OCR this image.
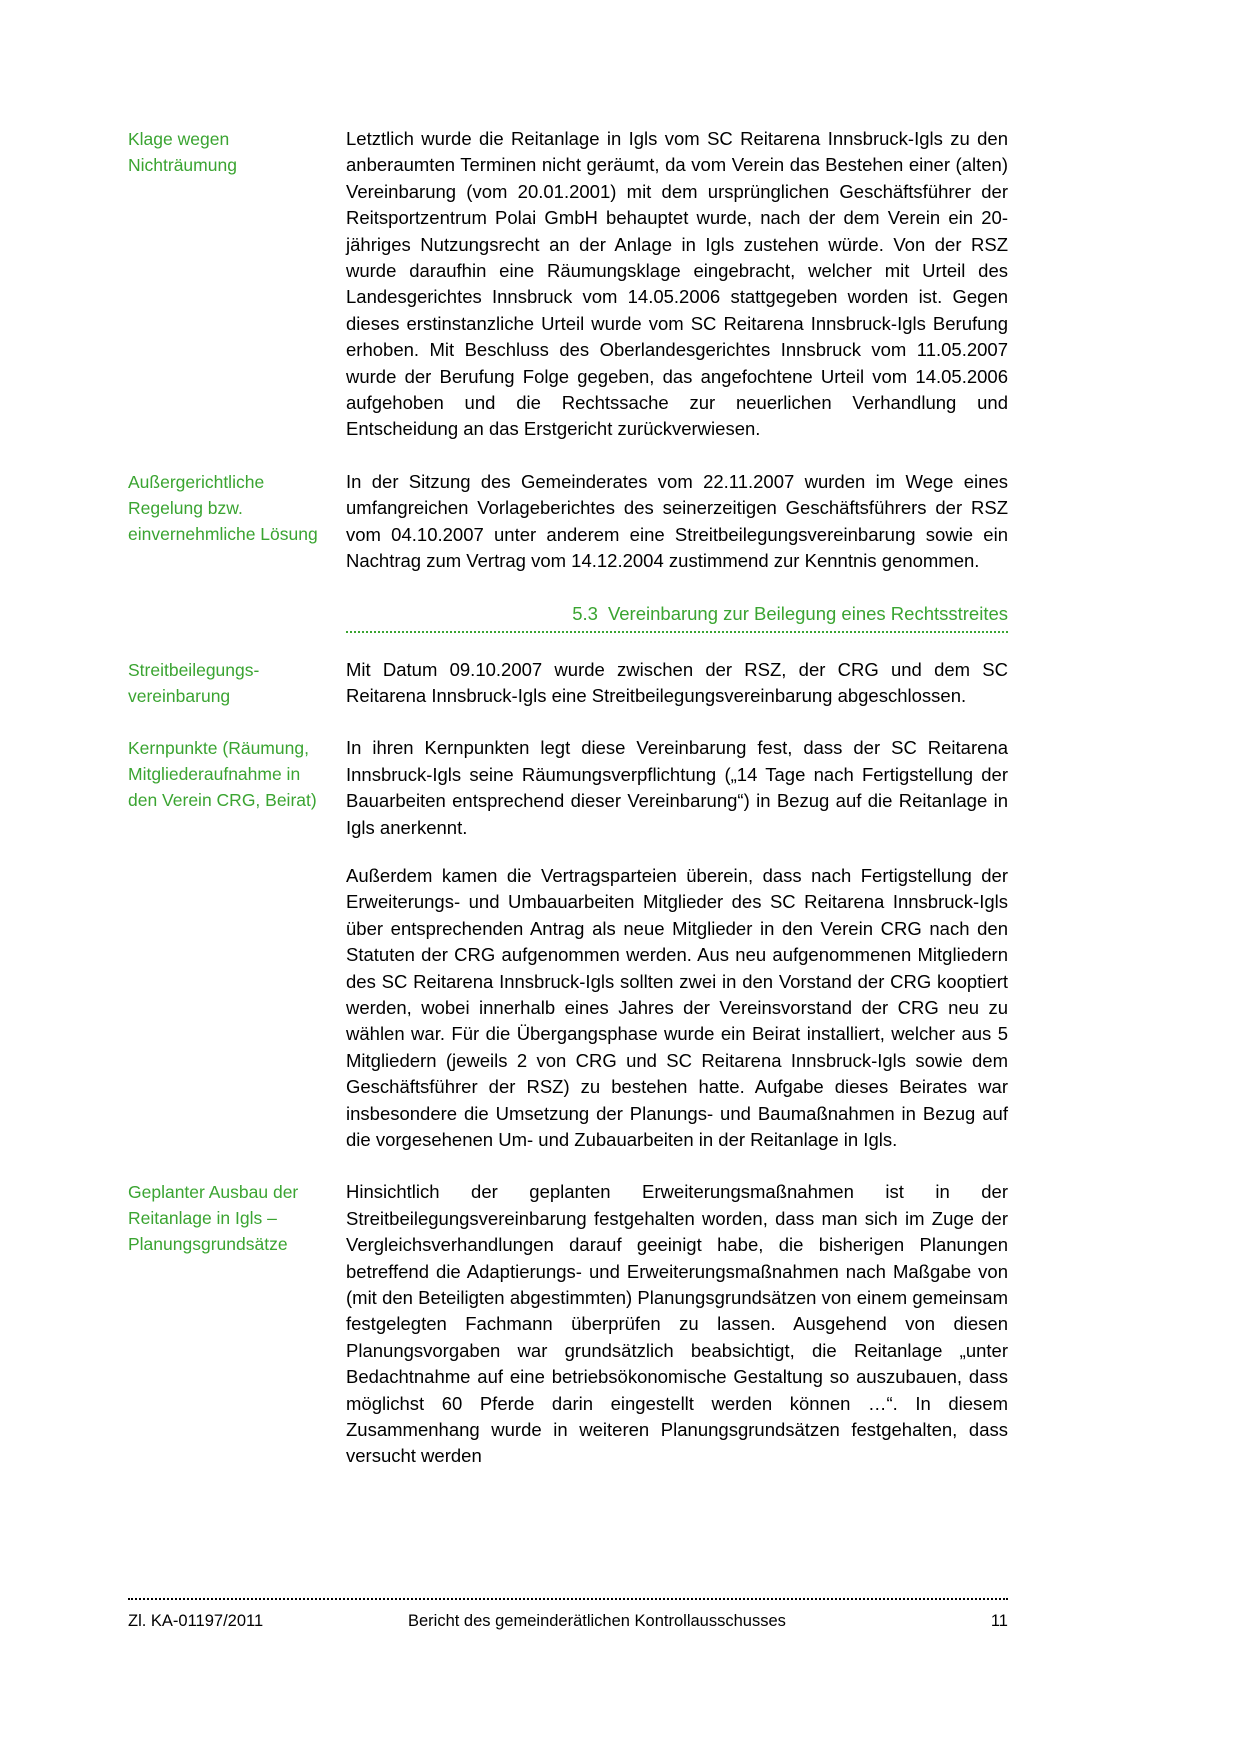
Klage wegen Nichträumung

Letztlich wurde die Reitanlage in Igls vom SC Reitarena Innsbruck-Igls zu den anberaumten Terminen nicht geräumt, da vom Verein das Bestehen einer (alten) Vereinbarung (vom 20.01.2001) mit dem ursprünglichen Geschäftsführer der Reitsportzentrum Polai GmbH behauptet wurde, nach der dem Verein ein 20-jähriges Nutzungsrecht an der Anlage in Igls zustehen würde. Von der RSZ wurde daraufhin eine Räumungsklage eingebracht, welcher mit Urteil des Landesgerichtes Innsbruck vom 14.05.2006 stattgegeben worden ist. Gegen dieses erstinstanzliche Urteil wurde vom SC Reitarena Innsbruck-Igls Berufung erhoben. Mit Beschluss des Oberlandesgerichtes Innsbruck vom 11.05.2007 wurde der Berufung Folge gegeben, das angefochtene Urteil vom 14.05.2006 aufgehoben und die Rechtssache zur neuerlichen Verhandlung und Entscheidung an das Erstgericht zurückverwiesen.

Außergerichtliche Regelung bzw. einvernehmliche Lösung

In der Sitzung des Gemeinderates vom 22.11.2007 wurden im Wege eines umfangreichen Vorlageberichtes des seinerzeitigen Geschäftsführers der RSZ vom 04.10.2007 unter anderem eine Streitbeilegungsvereinbarung sowie ein Nachtrag zum Vertrag vom 14.12.2004 zustimmend zur Kenntnis genommen.

5.3 Vereinbarung zur Beilegung eines Rechtsstreites
Streitbeilegungs-vereinbarung

Mit Datum 09.10.2007 wurde zwischen der RSZ, der CRG und dem SC Reitarena Innsbruck-Igls eine Streitbeilegungsvereinbarung abgeschlossen.

Kernpunkte (Räumung, Mitgliederaufnahme in den Verein CRG, Beirat)

In ihren Kernpunkten legt diese Vereinbarung fest, dass der SC Reitarena Innsbruck-Igls seine Räumungsverpflichtung („14 Tage nach Fertigstellung der Bauarbeiten entsprechend dieser Vereinbarung“) in Bezug auf die Reitanlage in Igls anerkennt.

Außerdem kamen die Vertragsparteien überein, dass nach Fertigstellung der Erweiterungs- und Umbauarbeiten Mitglieder des SC Reitarena Innsbruck-Igls über entsprechenden Antrag als neue Mitglieder in den Verein CRG nach den Statuten der CRG aufgenommen werden. Aus neu aufgenommenen Mitgliedern des SC Reitarena Innsbruck-Igls sollten zwei in den Vorstand der CRG kooptiert werden, wobei innerhalb eines Jahres der Vereinsvorstand der CRG neu zu wählen war. Für die Übergangsphase wurde ein Beirat installiert, welcher aus 5 Mitgliedern (jeweils 2 von CRG und SC Reitarena Innsbruck-Igls sowie dem Geschäftsführer der RSZ) zu bestehen hatte. Aufgabe dieses Beirates war insbesondere die Umsetzung der Planungs- und Baumaßnahmen in Bezug auf die vorgesehenen Um- und Zubauarbeiten in der Reitanlage in Igls.

Geplanter Ausbau der Reitanlage in Igls – Planungsgrundsätze

Hinsichtlich der geplanten Erweiterungsmaßnahmen ist in der Streitbeilegungsvereinbarung festgehalten worden, dass man sich im Zuge der Vergleichsverhandlungen darauf geeinigt habe, die bisherigen Planungen betreffend die Adaptierungs- und Erweiterungsmaßnahmen nach Maßgabe von (mit den Beteiligten abgestimmten) Planungsgrundsätzen von einem gemeinsam festgelegten Fachmann überprüfen zu lassen. Ausgehend von diesen Planungsvorgaben war grundsätzlich beabsichtigt, die Reitanlage „unter Bedachtnahme auf eine betriebsökonomische Gestaltung so auszubauen, dass möglichst 60 Pferde darin eingestellt werden können …“. In diesem Zusammenhang wurde in weiteren Planungsgrundsätzen festgehalten, dass versucht werden

Zl. KA-01197/2011	Bericht des gemeinderätlichen Kontrollausschusses	11
